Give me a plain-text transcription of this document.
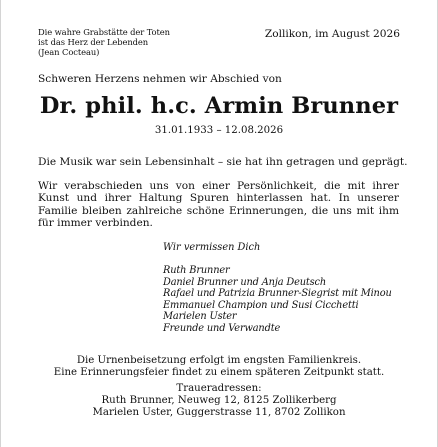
Die wahre Grabstätte der Toten
ist das Herz der Lebenden
(Jean Cocteau)
Zollikon, im August 2026
Schweren Herzens nehmen wir Abschied von
Dr. phil. h.c. Armin Brunner
31.01.1933 – 12.08.2026
Die Musik war sein Lebensinhalt – sie hat ihn getragen und geprägt.
Wir verabschieden uns von einer Persönlichkeit, die mit ihrer Kunst und ihrer Haltung Spuren hinterlassen hat. In unserer Familie bleiben zahlreiche schöne Erinnerungen, die uns mit ihm für immer verbinden.
Wir vermissen Dich
Ruth Brunner
Daniel Brunner und Anja Deutsch
Rafael und Patrizia Brunner-Siegrist mit Minou
Emmanuel Champion und Susi Cicchetti
Marielen Uster
Freunde und Verwandte
Die Urnenbeisetzung erfolgt im engsten Familienkreis.
Eine Erinnerungsfeier findet zu einem späteren Zeitpunkt statt.
Traueradressen:
Ruth Brunner, Neuweg 12, 8125 Zollikerberg
Marielen Uster, Guggerstrasse 11, 8702 Zollikon
